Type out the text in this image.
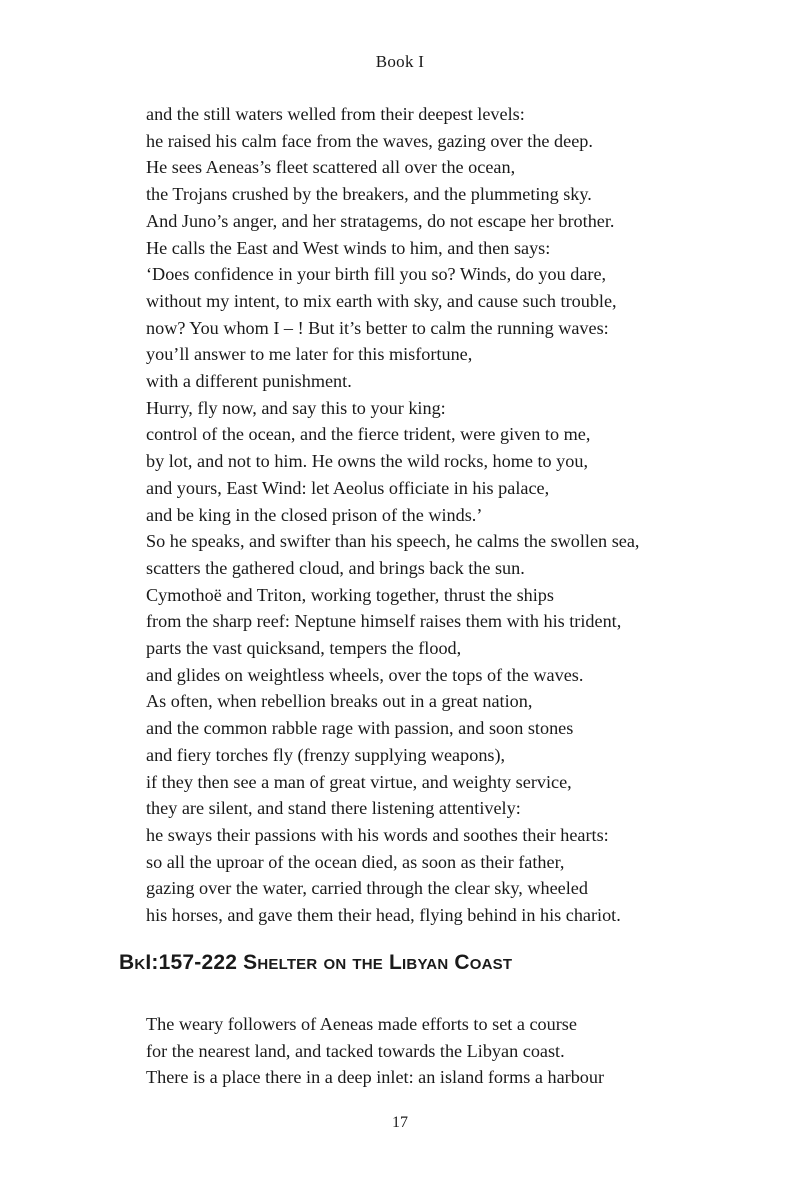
Book I
and the still waters welled from their deepest levels:
he raised his calm face from the waves, gazing over the deep.
He sees Aeneas’s fleet scattered all over the ocean,
the Trojans crushed by the breakers, and the plummeting sky.
And Juno’s anger, and her stratagems, do not escape her brother.
He calls the East and West winds to him, and then says:
‘Does confidence in your birth fill you so? Winds, do you dare,
without my intent, to mix earth with sky, and cause such trouble,
now? You whom I – ! But it’s better to calm the running waves:
you’ll answer to me later for this misfortune,
with a different punishment.
Hurry, fly now, and say this to your king:
control of the ocean, and the fierce trident, were given to me,
by lot, and not to him. He owns the wild rocks, home to you,
and yours, East Wind: let Aeolus officiate in his palace,
and be king in the closed prison of the winds.’
So he speaks, and swifter than his speech, he calms the swollen sea,
scatters the gathered cloud, and brings back the sun.
Cymothoë and Triton, working together, thrust the ships
from the sharp reef: Neptune himself raises them with his trident,
parts the vast quicksand, tempers the flood,
and glides on weightless wheels, over the tops of the waves.
As often, when rebellion breaks out in a great nation,
and the common rabble rage with passion, and soon stones
and fiery torches fly (frenzy supplying weapons),
if they then see a man of great virtue, and weighty service,
they are silent, and stand there listening attentively:
he sways their passions with his words and soothes their hearts:
so all the uproar of the ocean died, as soon as their father,
gazing over the water, carried through the clear sky, wheeled
his horses, and gave them their head, flying behind in his chariot.
BkI:157-222 Shelter on the Libyan Coast
The weary followers of Aeneas made efforts to set a course
for the nearest land, and tacked towards the Libyan coast.
There is a place there in a deep inlet: an island forms a harbour
17
